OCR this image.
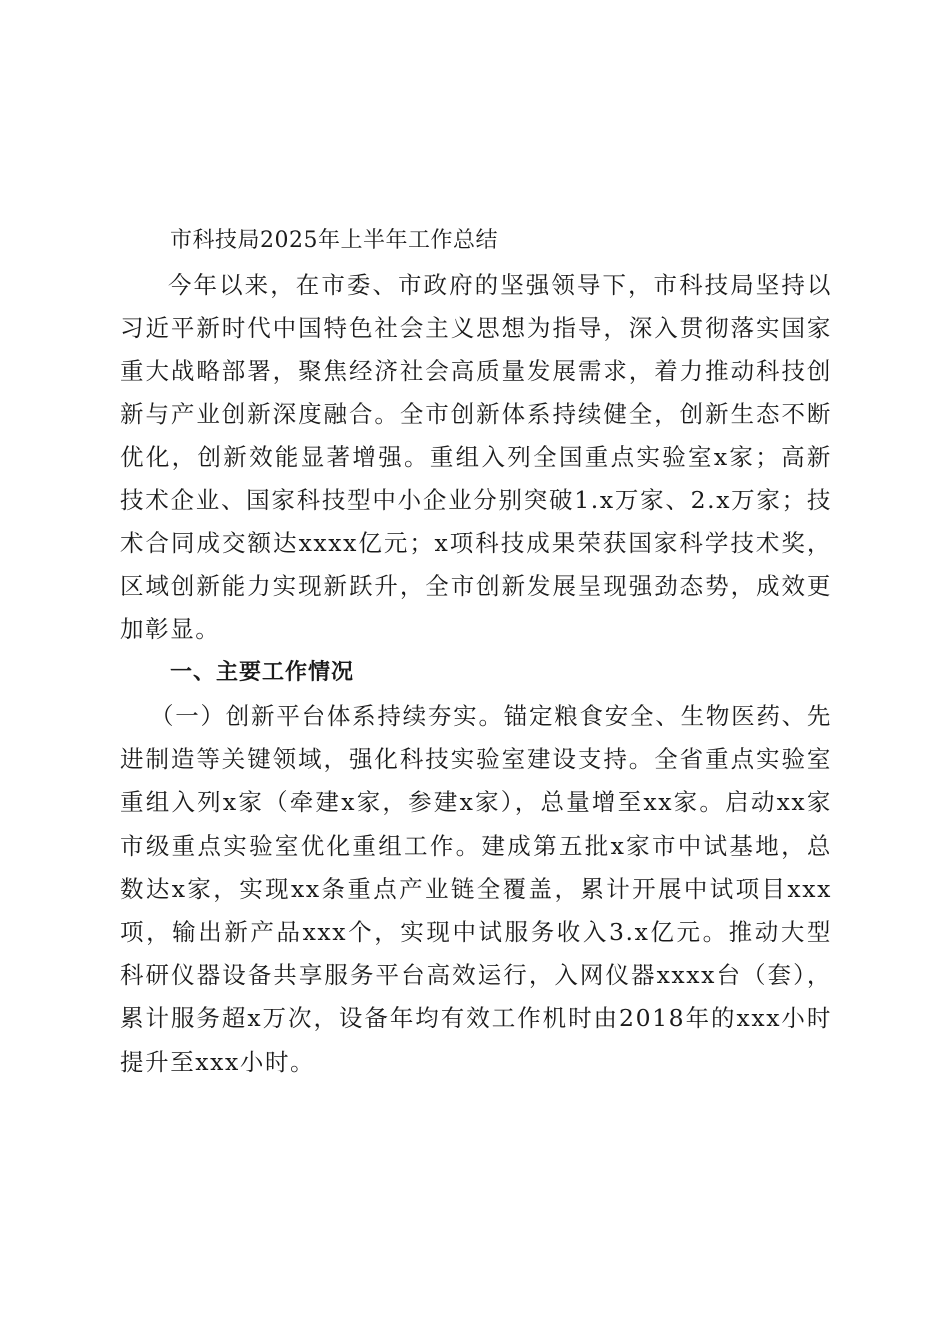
市科技局2025年上半年工作总结

今年以来，在市委、市政府的坚强领导下，市科技局坚持以习近平新时代中国特色社会主义思想为指导，深入贯彻落实国家重大战略部署，聚焦经济社会高质量发展需求，着力推动科技创新与产业创新深度融合。全市创新体系持续健全，创新生态不断优化，创新效能显著增强。重组入列全国重点实验室x家；高新技术企业、国家科技型中小企业分别突破1.x万家、2.x万家；技术合同成交额达xxxx亿元；x项科技成果荣获国家科学技术奖，区域创新能力实现新跃升，全市创新发展呈现强劲态势，成效更加彰显。

一、主要工作情况

（一）创新平台体系持续夯实。锚定粮食安全、生物医药、先进制造等关键领域，强化科技实验室建设支持。全省重点实验室重组入列x家（牵建x家，参建x家），总量增至xx家。启动xx家市级重点实验室优化重组工作。建成第五批x家市中试基地，总数达x家，实现xx条重点产业链全覆盖，累计开展中试项目xxx项，输出新产品xxx个，实现中试服务收入3.x亿元。推动大型科研仪器设备共享服务平台高效运行，入网仪器xxxx台（套），累计服务超x万次，设备年均有效工作机时由2018年的xxx小时提升至xxx小时。
